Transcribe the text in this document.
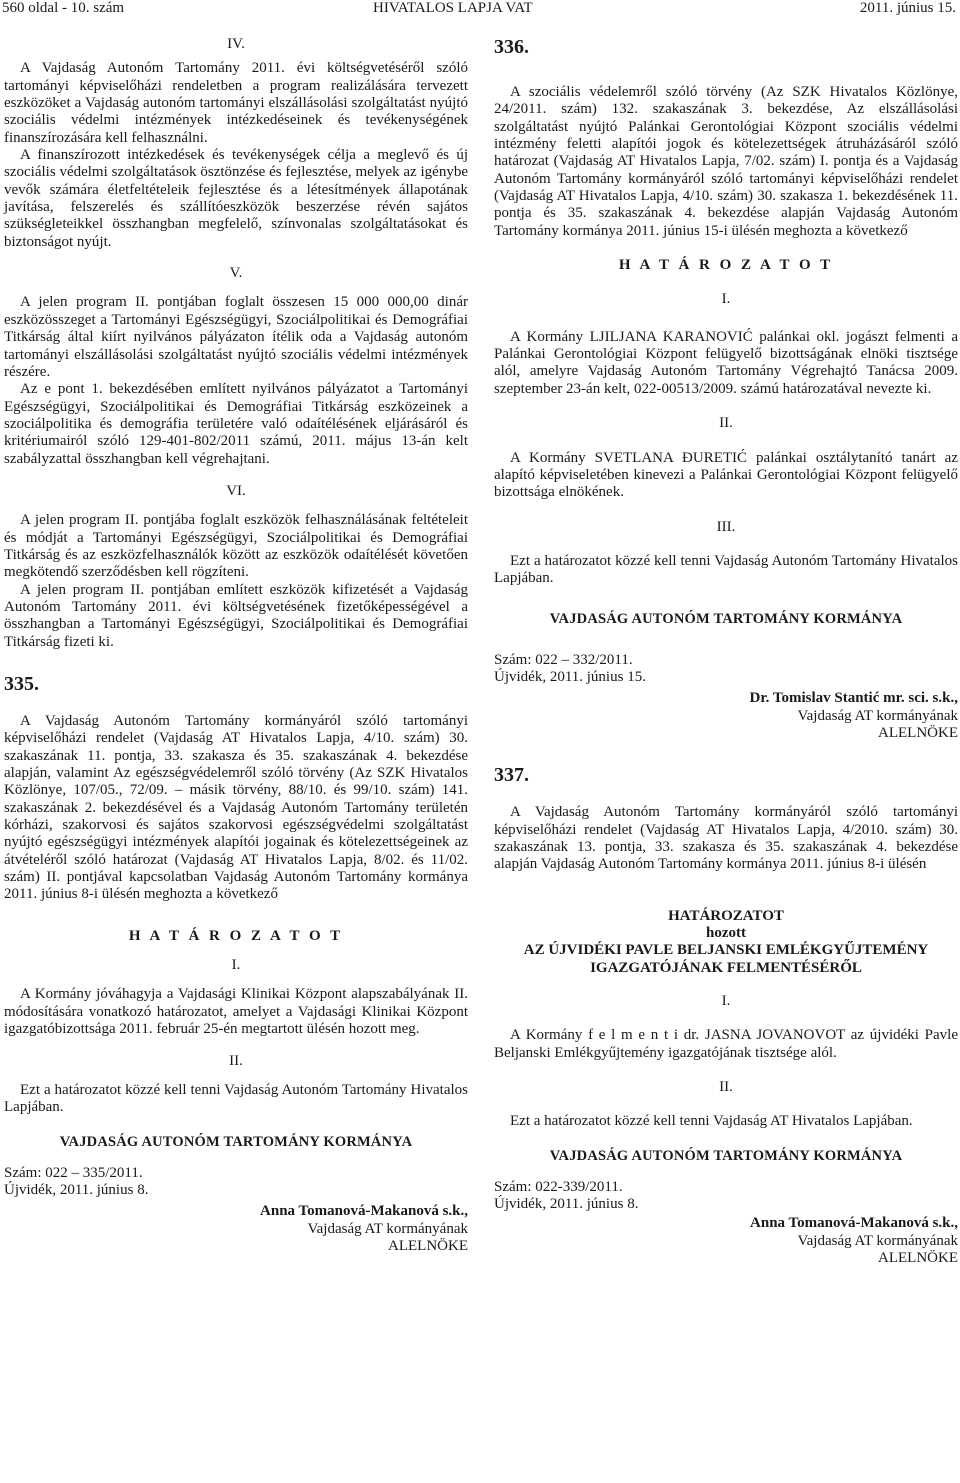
560 oldal - 10. szám	HIVATALOS LAPJA VAT	2011. június 15.
IV.

A Vajdaság Autonóm Tartomány 2011. évi költségvetéséről szóló tartományi képviselőházi rendeletben a program realizálására tervezett eszközöket a Vajdaság autonóm tartományi elszállásolási szolgáltatást nyújtó szociális védelmi intézmények intézkedéseinek és tevékenységének finanszírozására kell felhasználni.

A finanszírozott intézkedések és tevékenységek célja a meglevő és új szociális védelmi szolgáltatások ösztönzése és fejlesztése, melyek az igénybe vevők számára életfeltételeik fejlesztése és a létesítmények állapotának javítása, felszerelés és szállítóeszközök beszerzése révén sajátos szükségleteikkel összhangban megfelelő, színvonalas szolgáltatásokat és biztonságot nyújt.

V.

A jelen program II. pontjában foglalt összesen 15 000 000,00 dinár eszközösszeget a Tartományi Egészségügyi, Szociálpolitikai és Demográfiai Titkárság által kiírt nyilvános pályázaton ítélik oda a Vajdaság autonóm tartományi elszállásolási szolgáltatást nyújtó szociális védelmi intézmények részére.

Az e pont 1. bekezdésében említett nyilvános pályázatot a Tartományi Egészségügyi, Szociálpolitikai és Demográfiai Titkárság eszközeinek a szociálpolitika és demográfia területére való odaítélésének eljárásáról és kritériumairól szóló 129-401-802/2011 számú, 2011. május 13-án kelt szabályzattal összhangban kell végrehajtani.

VI.

A jelen program II. pontjába foglalt eszközök felhasználásának feltételeit és módját a Tartományi Egészségügyi, Szociálpolitikai és Demográfiai Titkárság és az eszközfelhasználók között az eszközök odaítélését követően megkötendő szerződésben kell rögzíteni.

A jelen program II. pontjában említett eszközök kifizetését a Vajdaság Autonóm Tartomány 2011. évi költségvetésének fizetőképességével a összhangban a Tartományi Egészségügyi, Szociálpolitikai és Demográfiai Titkárság fizeti ki.

335.

A Vajdaság Autonóm Tartomány kormányáról szóló tartományi képviselőházi rendelet (Vajdaság AT Hivatalos Lapja, 4/10. szám) 30. szakaszának 11. pontja, 33. szakasza és 35. szakaszának 4. bekezdése alapján, valamint Az egészségvédelemről szóló törvény (Az SZK Hivatalos Közlönye, 107/05., 72/09. – másik törvény, 88/10. és 99/10. szám) 141. szakaszának 2. bekezdésével és a Vajdaság Autonóm Tartomány területén kórházi, szakorvosi és sajátos szakorvosi egészségvédelmi szolgáltatást nyújtó egészségügyi intézmények alapítói jogainak és kötelezettségeinek az átvételéről szóló határozat (Vajdaság AT Hivatalos Lapja, 8/02. és 11/02. szám) II. pontjával kapcsolatban Vajdaság Autonóm Tartomány kormánya 2011. június 8-i ülésén meghozta a következő

H A T Á R O Z A T O T
I.

A Kormány jóváhagyja a Vajdasági Klinikai Központ alapszabályának II. módosítására vonatkozó határozatot, amelyet a Vajdasági Klinikai Központ igazgatóbizottsága 2011. február 25-én megtartott ülésén hozott meg.

II.

Ezt a határozatot közzé kell tenni Vajdaság Autonóm Tartomány Hivatalos Lapjában.

VAJDASÁG AUTONÓM TARTOMÁNY KORMÁNYA
Szám: 022 – 335/2011.
Újvidék, 2011. június 8.
Anna Tomanová-Makanová s.k.,
Vajdaság AT kormányának
ALELNÖKE
336.

A szociális védelemről szóló törvény (Az SZK Hivatalos Közlönye, 24/2011. szám) 132. szakaszának 3. bekezdése, Az elszállásolási szolgáltatást nyújtó Palánkai Gerontológiai Központ szociális védelmi intézmény feletti alapítói jogok és kötelezettségek átruházásáról szóló határozat (Vajdaság AT Hivatalos Lapja, 7/02. szám) I. pontja és a Vajdaság Autonóm Tartomány kormányáról szóló tartományi képviselőházi rendelet (Vajdaság AT Hivatalos Lapja, 4/10. szám) 30. szakasza 1. bekezdésének 11. pontja és 35. szakaszának 4. bekezdése alapján Vajdaság Autonóm Tartomány kormánya 2011. június 15-i ülésén meghozta a következő

H A T Á R O Z A T O T
I.

A Kormány LJILJANA KARANOVIĆ palánkai okl. jogászt felmenti a Palánkai Gerontológiai Központ felügyelő bizottságának elnöki tisztsége alól, amelyre Vajdaság Autonóm Tartomány Végrehajtó Tanácsa 2009. szeptember 23-án kelt, 022-00513/2009. számú határozatával nevezte ki.

II.

A Kormány SVETLANA ĐURETIĆ palánkai osztálytanító tanárt az alapító képviseletében kinevezi a Palánkai Gerontológiai Központ felügyelő bizottsága elnökének.

III.

Ezt a határozatot közzé kell tenni Vajdaság Autonóm Tartomány Hivatalos Lapjában.

VAJDASÁG AUTONÓM TARTOMÁNY KORMÁNYA
Szám: 022 – 332/2011.
Újvidék, 2011. június 15.
Dr. Tomislav Stantić mr. sci. s.k.,
Vajdaság AT kormányának
ALELNÖKE
337.

A Vajdaság Autonóm Tartomány kormányáról szóló tartományi képviselőházi rendelet (Vajdaság AT Hivatalos Lapja, 4/2010. szám) 30. szakaszának 13. pontja, 33. szakasza és 35. szakaszának 4. bekezdése alapján Vajdaság Autonóm Tartomány kormánya 2011. június 8-i ülésén

HATÁROZATOT
hozott
AZ ÚJVIDÉKI PAVLE BELJANSKI EMLÉKGYŰJTEMÉNY
IGAZGATÓJÁNAK FELMENTÉSÉRŐL
I.

A Kormány f e l m e n t i dr. JASNA JOVANOVOT az újvidéki Pavle Beljanski Emlékgyűjtemény igazgatójának tisztsége alól.

II.

Ezt a határozatot közzé kell tenni Vajdaság AT Hivatalos Lapjában.

VAJDASÁG AUTONÓM TARTOMÁNY KORMÁNYA
Szám: 022-339/2011.
Újvidék, 2011. június 8.
Anna Tomanová-Makanová s.k.,
Vajdaság AT kormányának
ALELNÖKE
